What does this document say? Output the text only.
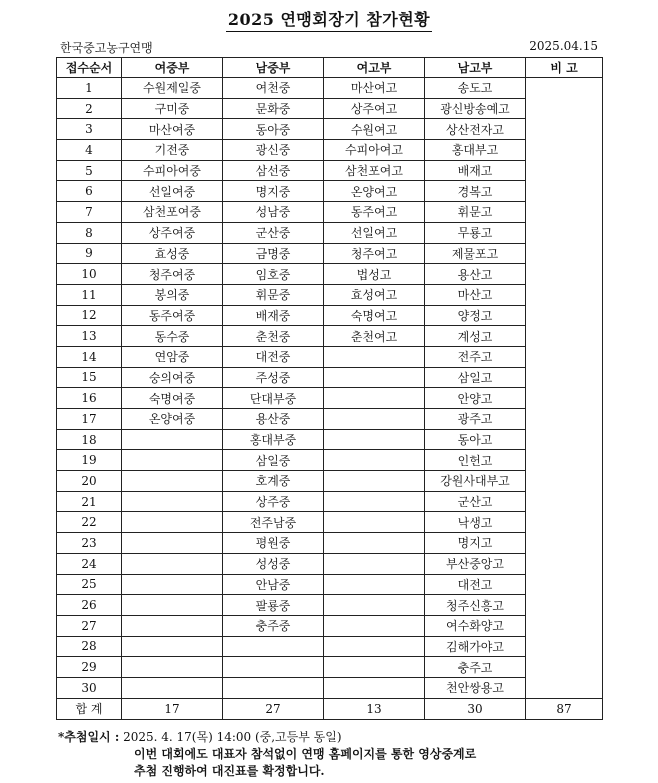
2025 연맹회장기 참가현황
한국중고농구연맹	2025.04.15
접수순서	여중부	남중부	여고부	남고부	비 고
1	수원제일중	여천중	마산여고	송도고	
2	구미중	문화중	상주여고	광신방송예고	
3	마산여중	동아중	수원여고	상산전자고	
4	기전중	광신중	수피아여고	홍대부고	
5	수피아여중	삼선중	삼천포여고	배재고	
6	선일여중	명지중	온양여고	경복고	
7	삼천포여중	성남중	동주여고	휘문고	
8	상주여중	군산중	선일여고	무룡고	
9	효성중	금명중	청주여고	제물포고	
10	청주여중	임호중	법성고	용산고	
11	봉의중	휘문중	효성여고	마산고	
12	동주여중	배재중	숙명여고	양정고	
13	동수중	춘천중	춘천여고	계성고	
14	연암중	대전중		전주고	
15	숭의여중	주성중		삼일고	
16	숙명여중	단대부중		안양고	
17	온양여중	용산중		광주고	
18		홍대부중		동아고	
19		삼일중		인헌고	
20		호계중		강원사대부고	
21		상주중		군산고	
22		전주남중		낙생고	
23		평원중		명지고	
24		성성중		부산중앙고	
25		안남중		대전고	
26		팔룡중		청주신흥고	
27		충주중		여수화양고	
28				김해가야고	
29				충주고	
30				천안쌍용고	
합 계	17	27	13	30	87
*추첨일시 : 2025. 4. 17(목) 14:00 (중,고등부 동일)
이번 대회에도 대표자 참석없이 연맹 홈페이지를 통한 영상중계로
추첨 진행하여 대진표를 확정합니다.
